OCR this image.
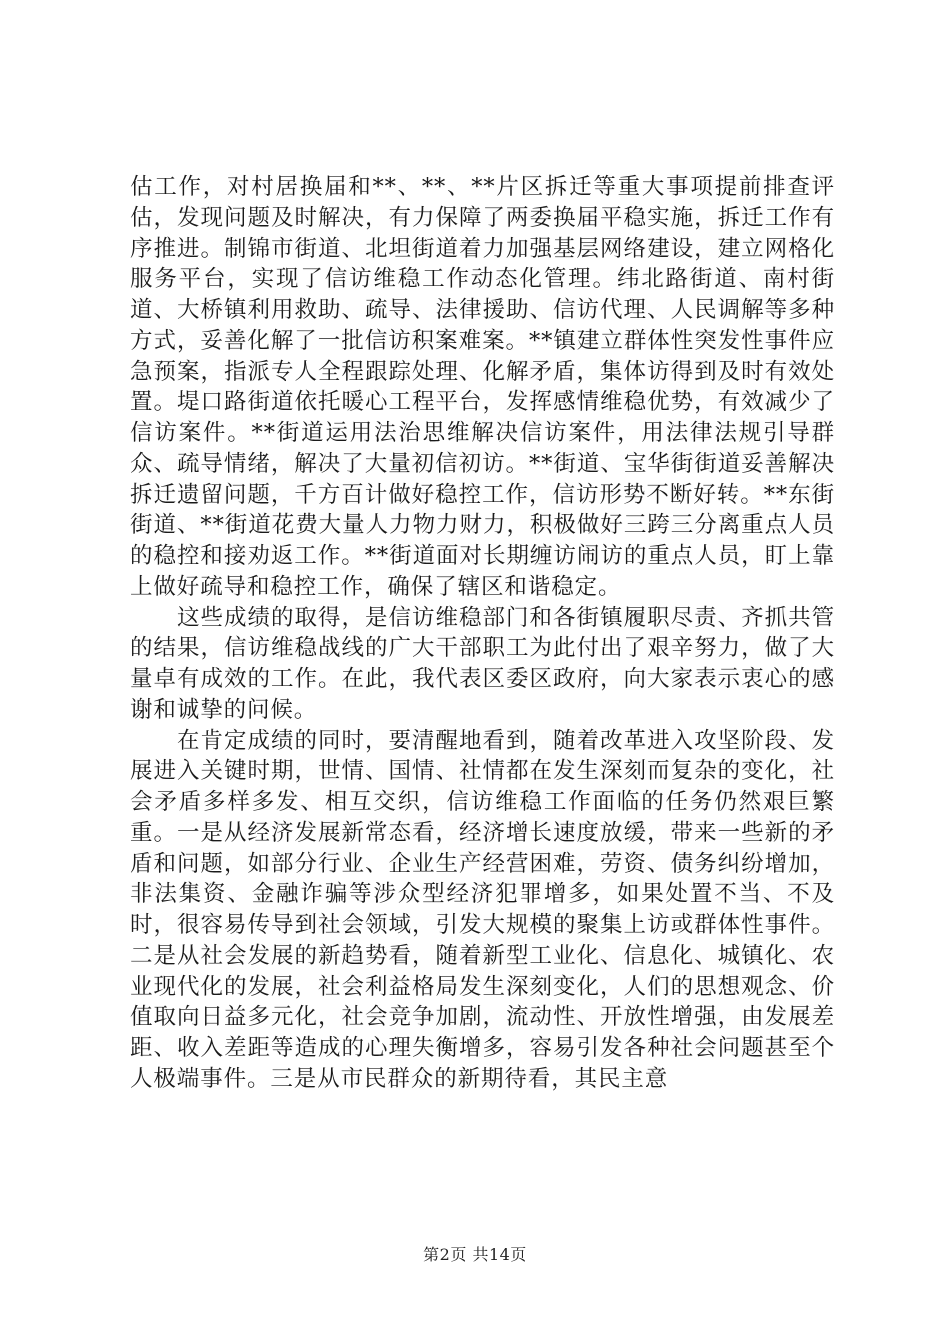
估工作，对村居换届和**、**、**片区拆迁等重大事项提前排查评估，发现问题及时解决，有力保障了两委换届平稳实施，拆迁工作有序推进。制锦市街道、北坦街道着力加强基层网络建设，建立网格化服务平台，实现了信访维稳工作动态化管理。纬北路街道、南村街道、大桥镇利用救助、疏导、法律援助、信访代理、人民调解等多种方式，妥善化解了一批信访积案难案。**镇建立群体性突发性事件应急预案，指派专人全程跟踪处理、化解矛盾，集体访得到及时有效处置。堤口路街道依托暖心工程平台，发挥感情维稳优势，有效减少了信访案件。**街道运用法治思维解决信访案件，用法律法规引导群众、疏导情绪，解决了大量初信初访。**街道、宝华街街道妥善解决拆迁遗留问题，千方百计做好稳控工作，信访形势不断好转。**东街街道、**街道花费大量人力物力财力，积极做好三跨三分离重点人员的稳控和接劝返工作。**街道面对长期缠访闹访的重点人员，盯上靠上做好疏导和稳控工作，确保了辖区和谐稳定。

这些成绩的取得，是信访维稳部门和各街镇履职尽责、齐抓共管的结果，信访维稳战线的广大干部职工为此付出了艰辛努力，做了大量卓有成效的工作。在此，我代表区委区政府，向大家表示衷心的感谢和诚挚的问候。

在肯定成绩的同时，要清醒地看到，随着改革进入攻坚阶段、发展进入关键时期，世情、国情、社情都在发生深刻而复杂的变化，社会矛盾多样多发、相互交织，信访维稳工作面临的任务仍然艰巨繁重。一是从经济发展新常态看，经济增长速度放缓，带来一些新的矛盾和问题，如部分行业、企业生产经营困难，劳资、债务纠纷增加，非法集资、金融诈骗等涉众型经济犯罪增多，如果处置不当、不及时，很容易传导到社会领域，引发大规模的聚集上访或群体性事件。二是从社会发展的新趋势看，随着新型工业化、信息化、城镇化、农业现代化的发展，社会利益格局发生深刻变化，人们的思想观念、价值取向日益多元化，社会竞争加剧，流动性、开放性增强，由发展差距、收入差距等造成的心理失衡增多，容易引发各种社会问题甚至个人极端事件。三是从市民群众的新期待看，其民主意

第2页 共14页
